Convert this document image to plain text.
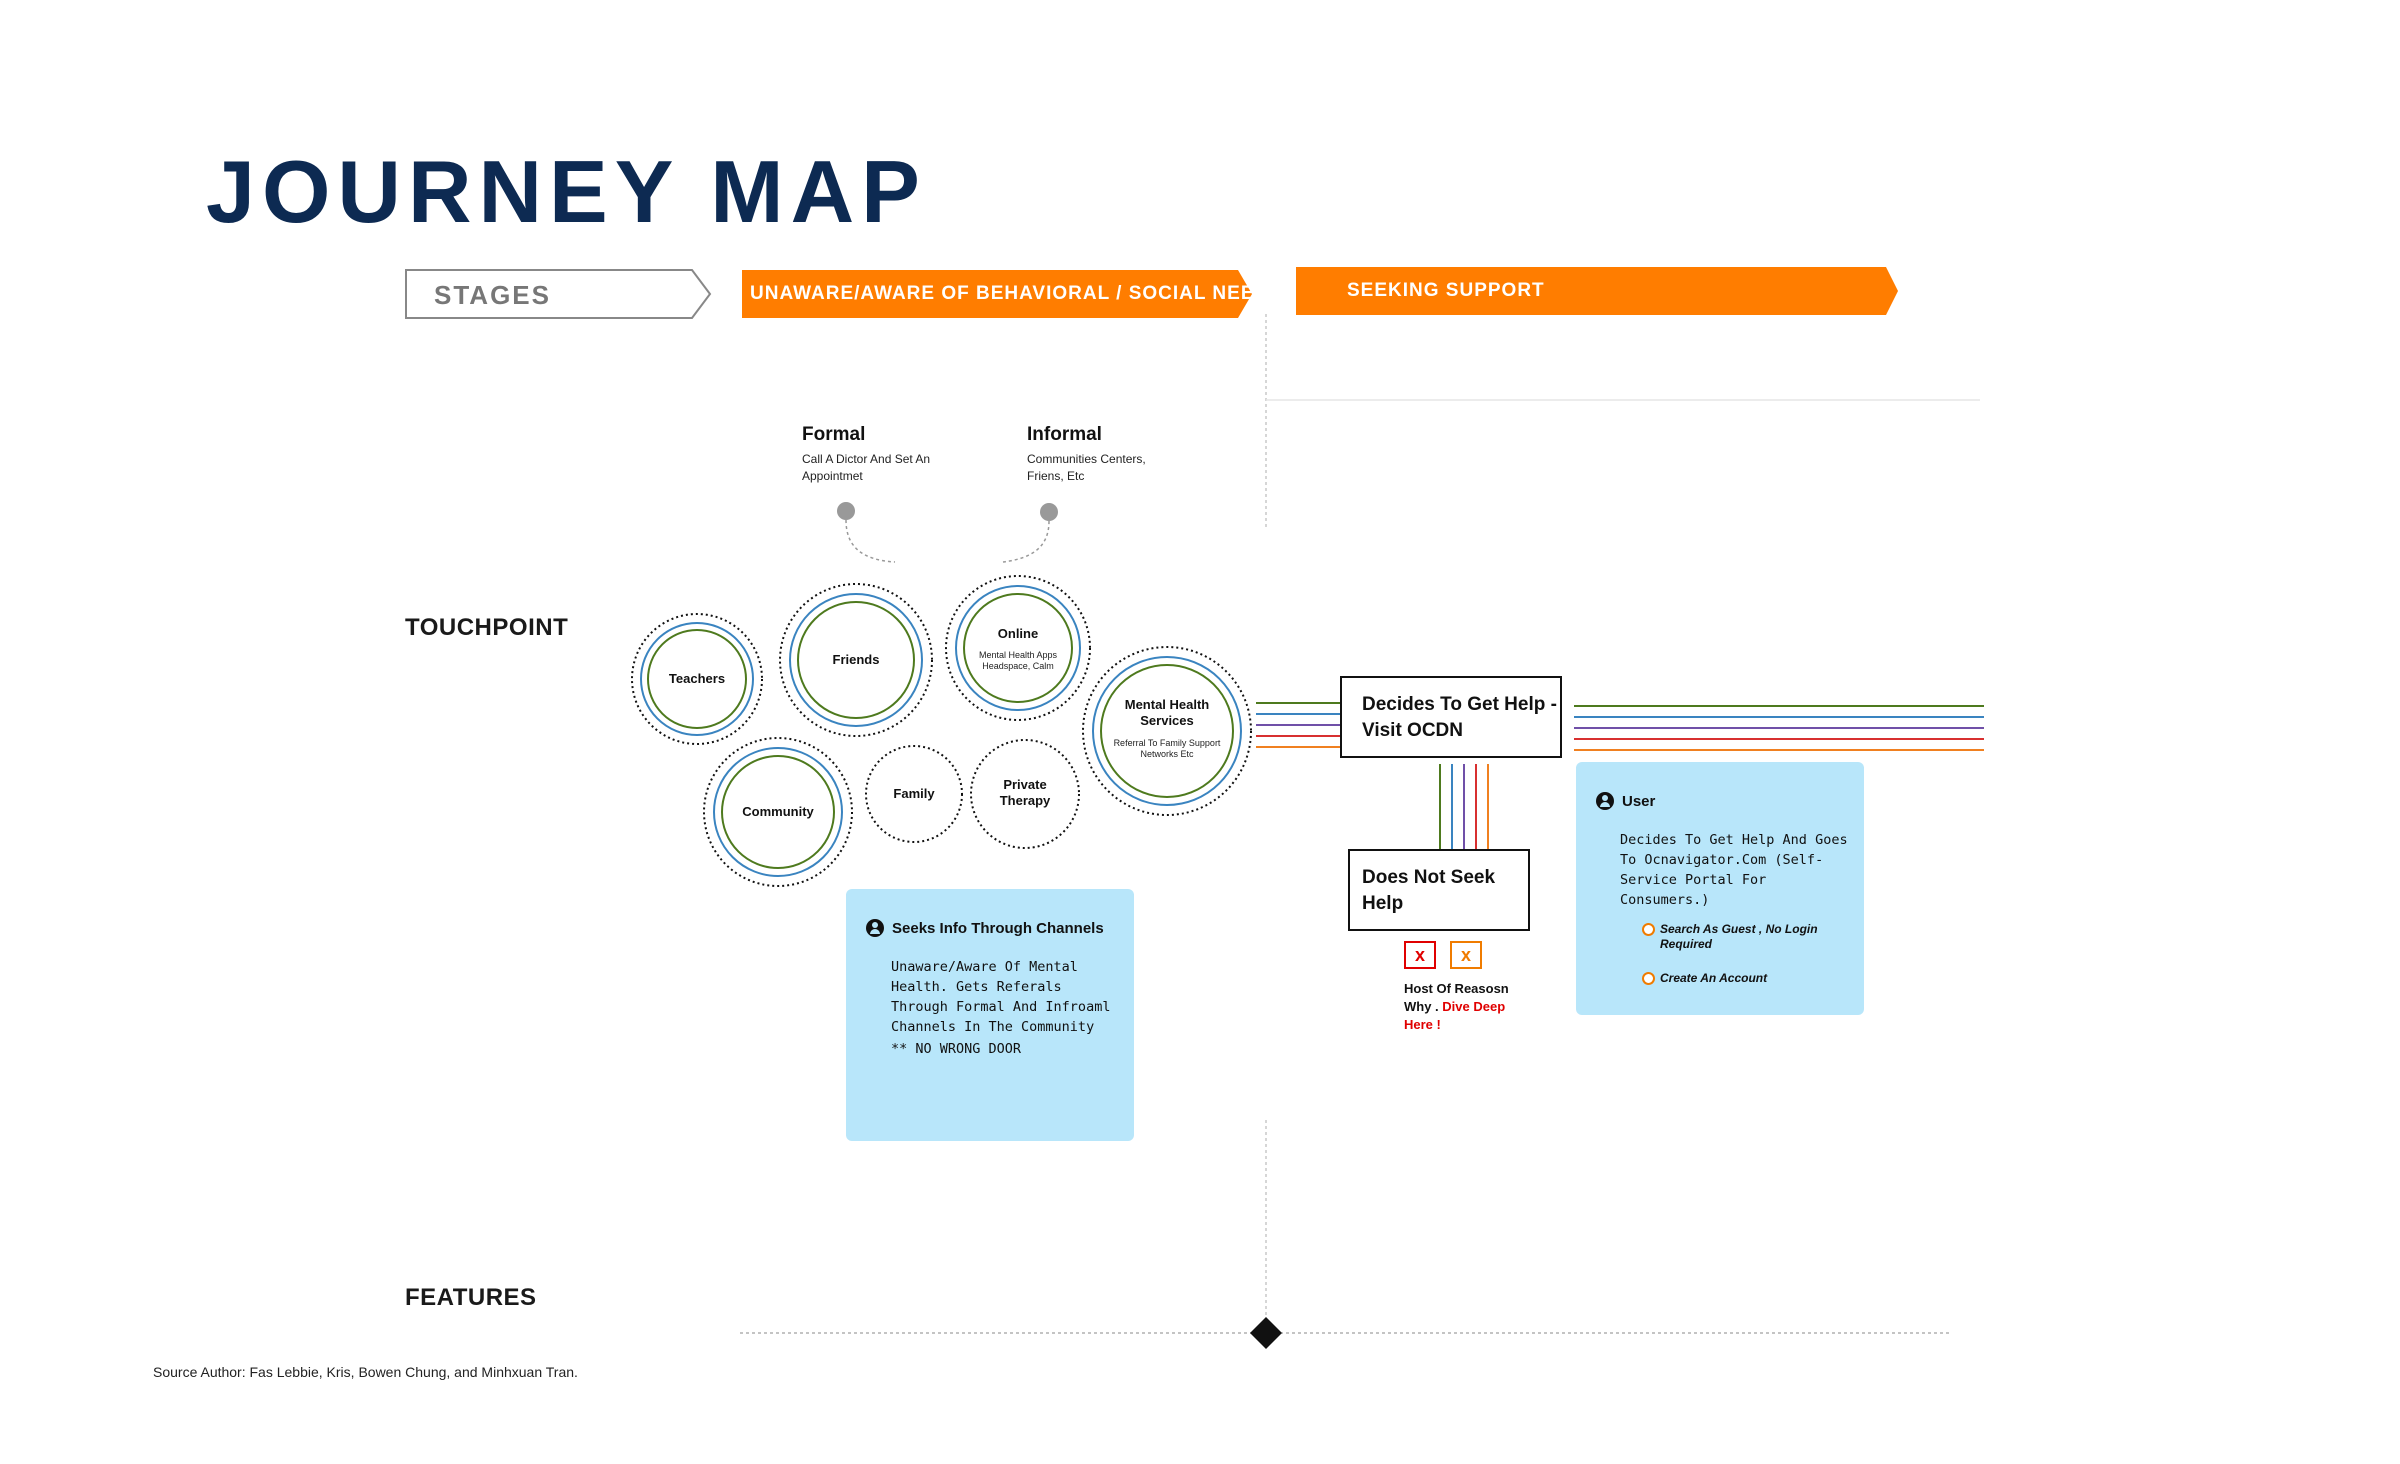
JOURNEY MAP
STAGES	UNAWARE/AWARE OF BEHAVIORAL / SOCIAL NEEDS	SEEKING SUPPORT
TOUCHPOINT
FEATURES
Formal
Call A Dictor And Set An Appointmet
Informal
Communities Centers, Friens, Etc
Teachers
Friends
Online
Mental Health Apps Headspace, Calm
Mental Health Services
Referral To Family Support Networks Etc
Community
Family
Private Therapy
Decides To Get Help - Visit OCDN
Does Not Seek Help
x	x
Host Of Reasosn Why . Dive Deep Here !
Seeks Info Through Channels
Unaware/Aware Of Mental Health. Gets Referals Through Formal And Infroaml Channels In The Community
** NO WRONG DOOR
User
Decides To Get Help And Goes To Ocnavigator.Com (Self-Service Portal For Consumers.)
Search As Guest , No Login Required
Create An Account
Source Author: Fas Lebbie, Kris, Bowen Chung, and Minhxuan Tran.
